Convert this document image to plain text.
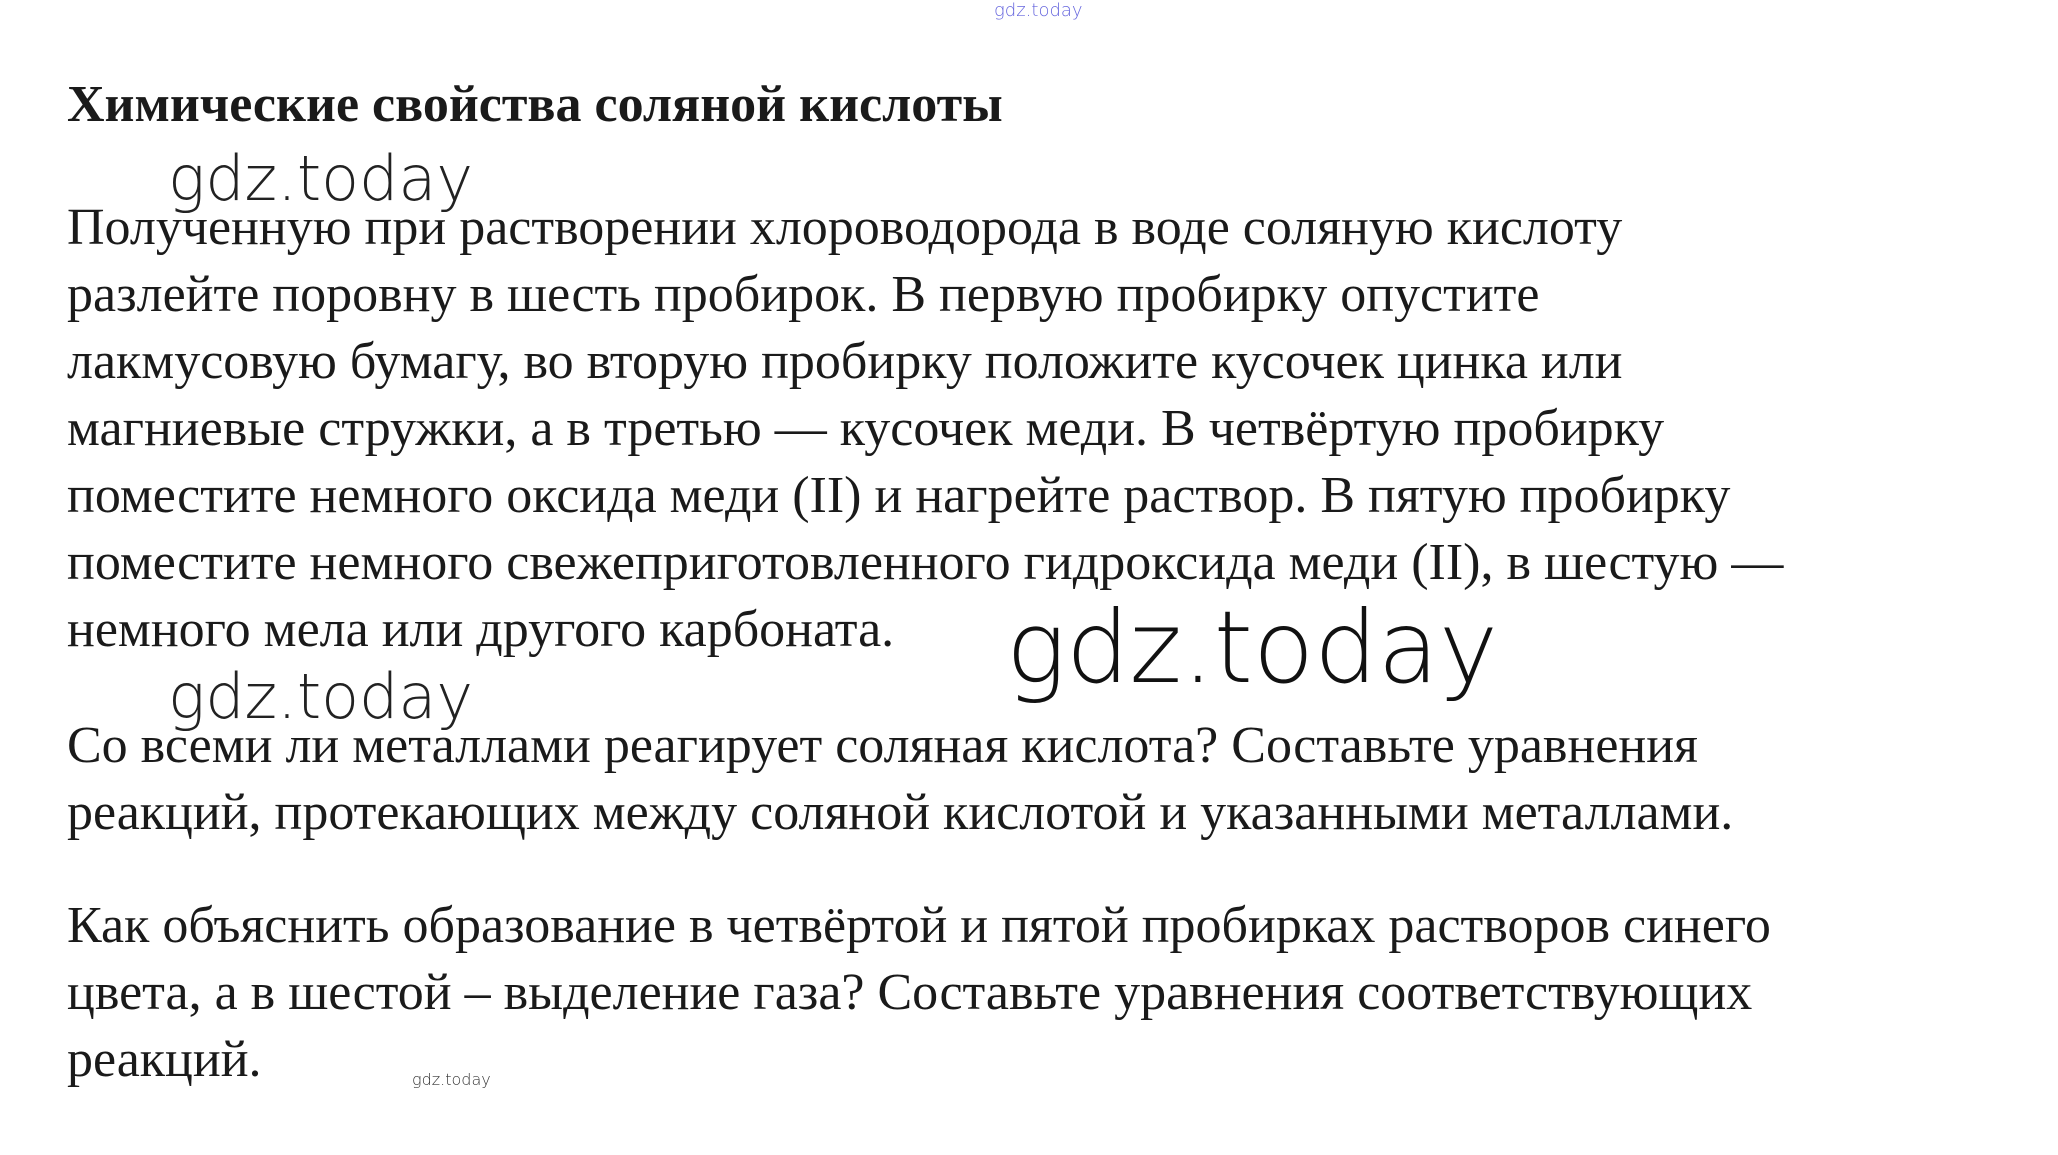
gdz.today
Химические свойства соляной кислоты
gdz.today
Полученную при растворении хлороводорода в воде соляную кислоту
разлейте поровну в шесть пробирок. В первую пробирку опустите
лакмусовую бумагу, во вторую пробирку положите кусочек цинка или
магниевые стружки, а в третью — кусочек меди. В четвёртую пробирку
поместите немного оксида меди (II) и нагрейте раствор. В пятую пробирку
поместите немного свежеприготовленного гидроксида меди (II), в шестую —
немного мела или другого карбоната.	gdz.today
gdz.today
Со всеми ли металлами реагирует соляная кислота? Составьте уравнения
реакций, протекающих между соляной кислотой и указанными металлами.
Как объяснить образование в четвёртой и пятой пробирках растворов синего
цвета, а в шестой – выделение газа? Составьте уравнения соответствующих
реакций.	gdz.today
